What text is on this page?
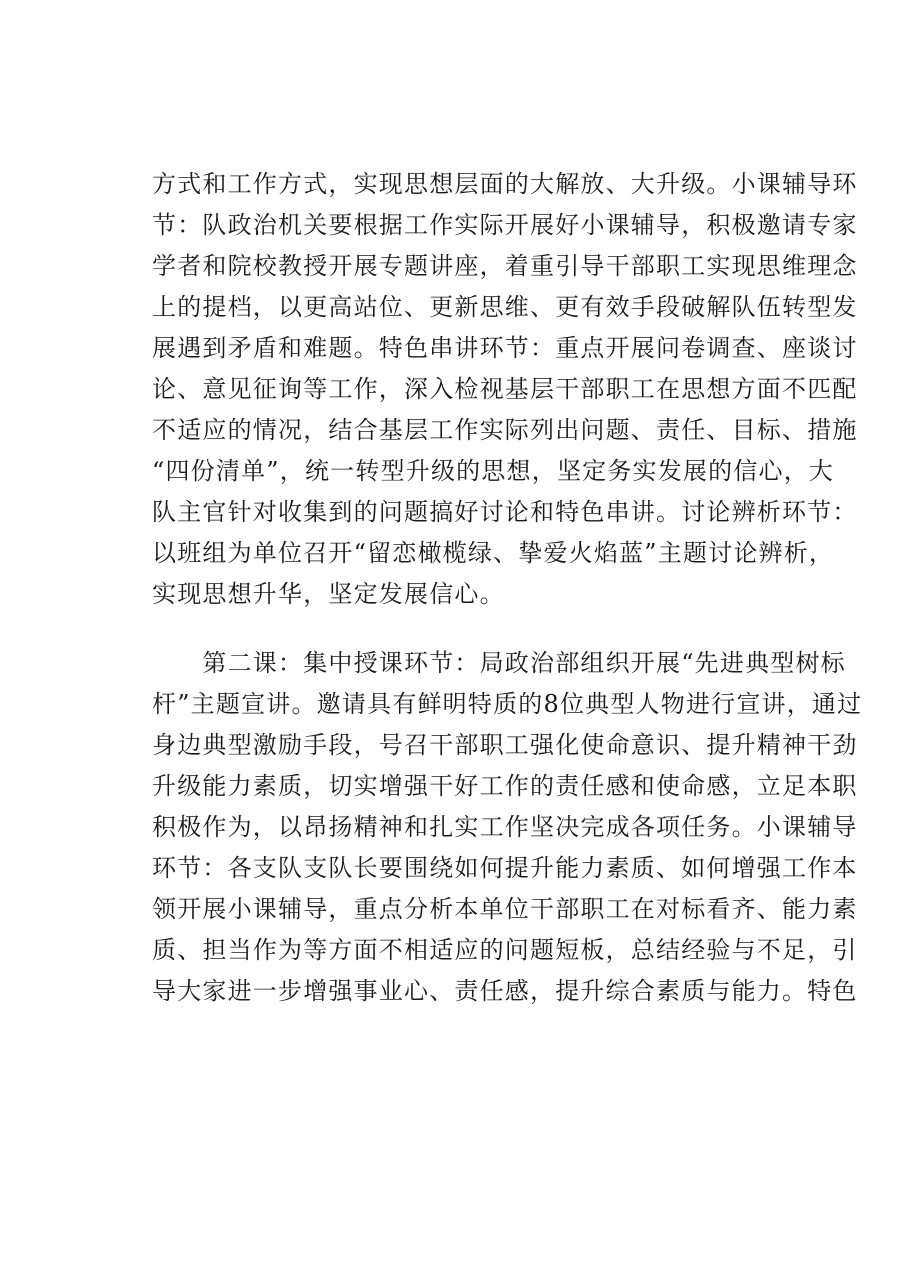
方式和工作方式，实现思想层面的大解放、大升级。小课辅导环
节：队政治机关要根据工作实际开展好小课辅导，积极邀请专家
学者和院校教授开展专题讲座，着重引导干部职工实现思维理念
上的提档，以更高站位、更新思维、更有效手段破解队伍转型发
展遇到矛盾和难题。特色串讲环节：重点开展问卷调查、座谈讨
论、意见征询等工作，深入检视基层干部职工在思想方面不匹配
不适应的情况，结合基层工作实际列出问题、责任、目标、措施
“四份清单”，统一转型升级的思想，坚定务实发展的信心，大
队主官针对收集到的问题搞好讨论和特色串讲。讨论辨析环节：
以班组为单位召开“留恋橄榄绿、挚爱火焰蓝”主题讨论辨析，
实现思想升华，坚定发展信心。
　　第二课：集中授课环节：局政治部组织开展“先进典型树标
杆”主题宣讲。邀请具有鲜明特质的8位典型人物进行宣讲，通过
身边典型激励手段，号召干部职工强化使命意识、提升精神干劲
升级能力素质，切实增强干好工作的责任感和使命感，立足本职
积极作为，以昂扬精神和扎实工作坚决完成各项任务。小课辅导
环节：各支队支队长要围绕如何提升能力素质、如何增强工作本
领开展小课辅导，重点分析本单位干部职工在对标看齐、能力素
质、担当作为等方面不相适应的问题短板，总结经验与不足，引
导大家进一步增强事业心、责任感，提升综合素质与能力。特色
